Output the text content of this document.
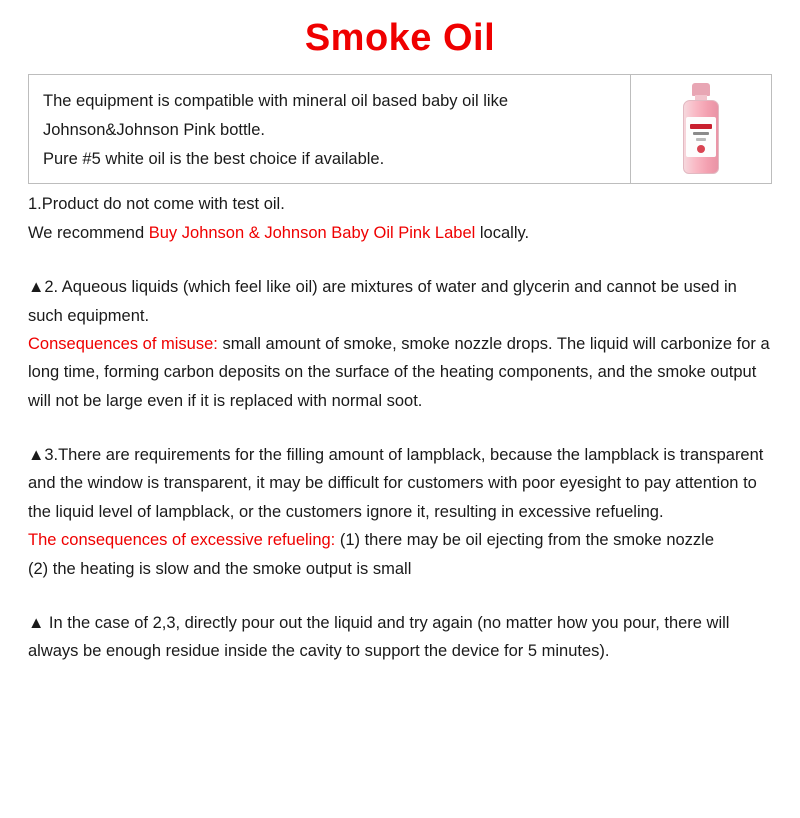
Smoke Oil
The equipment is compatible with mineral oil based baby oil like
Johnson&Johnson Pink bottle.
Pure #5 white oil is the best choice if available.
1.Product do not come with test oil.
We recommend Buy Johnson & Johnson Baby Oil Pink Label locally.
▲2. Aqueous liquids (which feel like oil) are mixtures of water and glycerin and cannot be used in such equipment.
Consequences of misuse: small amount of smoke, smoke nozzle drops. The liquid will carbonize for a long time, forming carbon deposits on the surface of the heating components, and the smoke output will not be large even if it is replaced with normal soot.
▲3.There are requirements for the filling amount of lampblack, because the lampblack is transparent and the window is transparent, it may be difficult for customers with poor eyesight to pay attention to the liquid level of lampblack, or the customers ignore it, resulting in excessive refueling.
The consequences of excessive refueling: (1) there may be oil ejecting from the smoke nozzle
(2) the heating is slow and the smoke output is small
▲ In the case of 2,3, directly pour out the liquid and try again (no matter how you pour, there will always be enough residue inside the cavity to support the device for 5 minutes).
